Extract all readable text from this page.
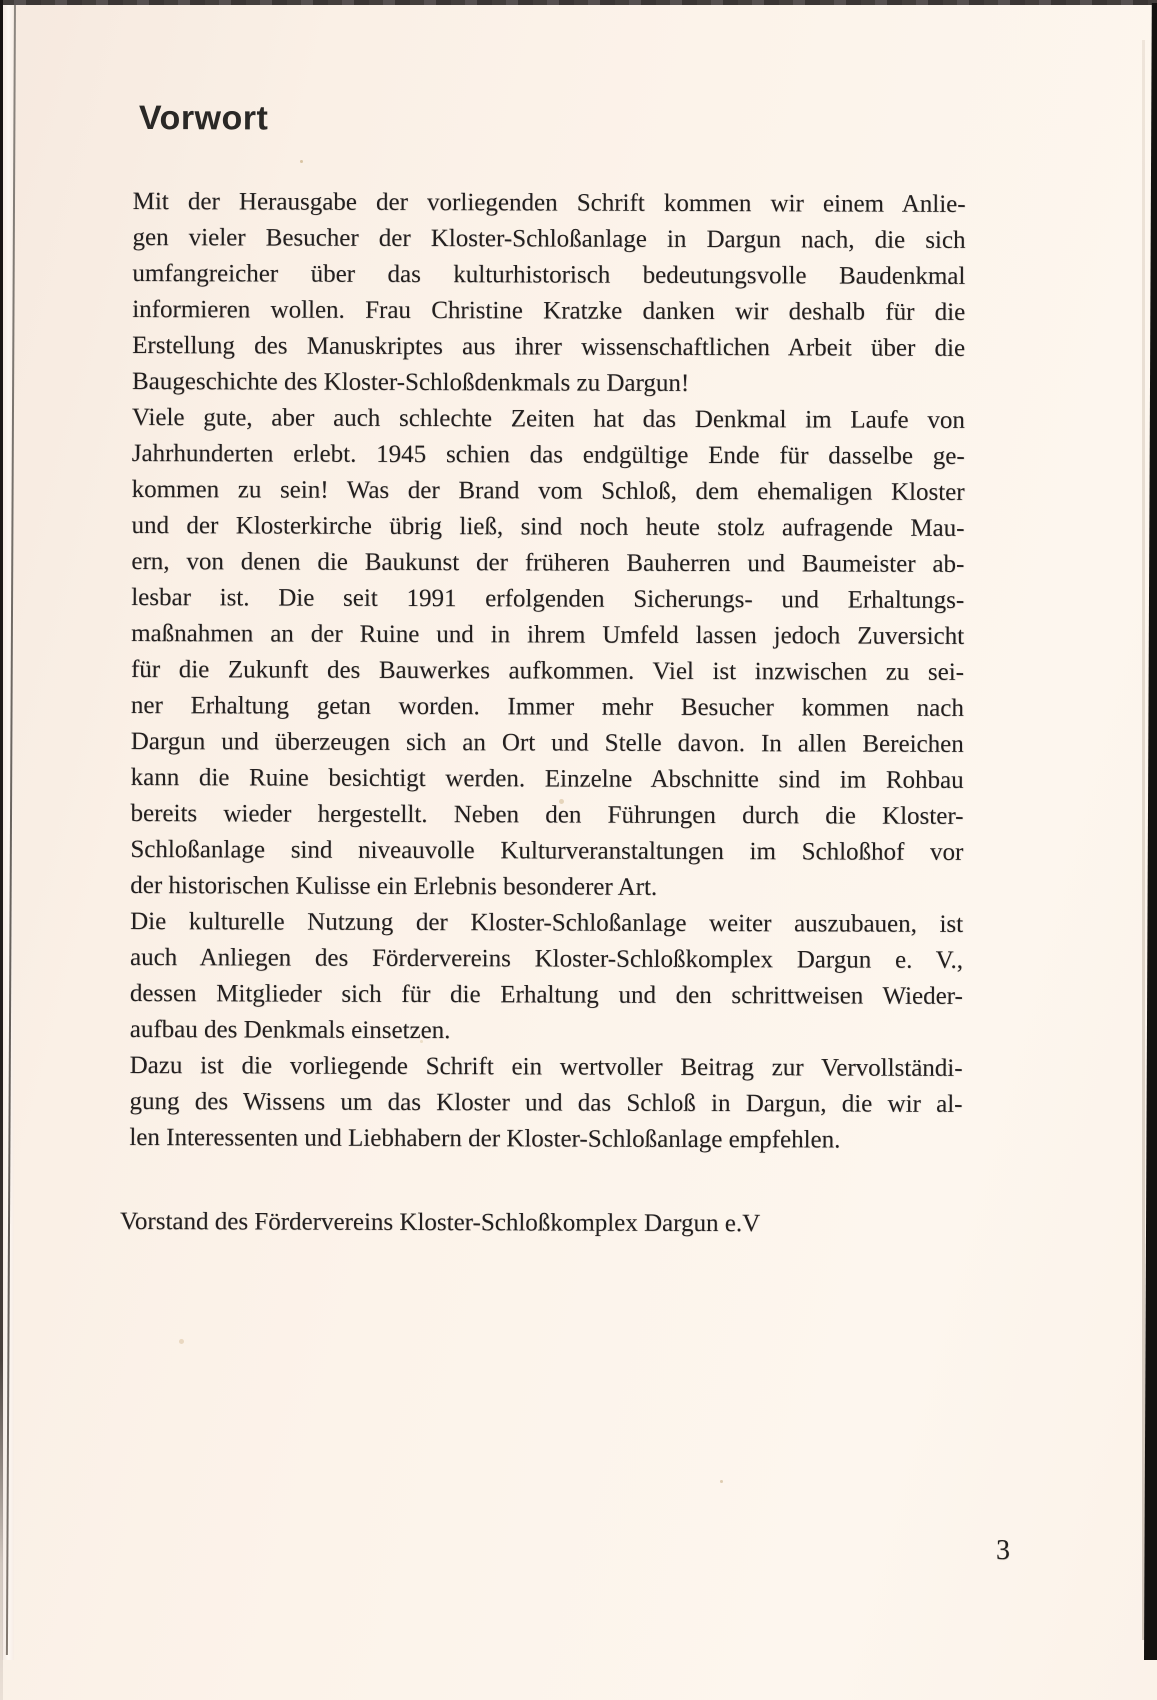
Vorwort
Mit der Herausgabe der vorliegenden Schrift kommen wir einem Anlie-
gen vieler Besucher der Kloster-Schloßanlage in Dargun nach, die sich
umfangreicher über das kulturhistorisch bedeutungsvolle Baudenkmal
informieren wollen. Frau Christine Kratzke danken wir deshalb für die
Erstellung des Manuskriptes aus ihrer wissenschaftlichen Arbeit über die
Baugeschichte des Kloster-Schloßdenkmals zu Dargun!
Viele gute, aber auch schlechte Zeiten hat das Denkmal im Laufe von
Jahrhunderten erlebt. 1945 schien das endgültige Ende für dasselbe ge-
kommen zu sein! Was der Brand vom Schloß, dem ehemaligen Kloster
und der Klosterkirche übrig ließ, sind noch heute stolz aufragende Mau-
ern, von denen die Baukunst der früheren Bauherren und Baumeister ab-
lesbar ist. Die seit 1991 erfolgenden Sicherungs- und Erhaltungs-
maßnahmen an der Ruine und in ihrem Umfeld lassen jedoch Zuversicht
für die Zukunft des Bauwerkes aufkommen. Viel ist inzwischen zu sei-
ner Erhaltung getan worden. Immer mehr Besucher kommen nach
Dargun und überzeugen sich an Ort und Stelle davon. In allen Bereichen
kann die Ruine besichtigt werden. Einzelne Abschnitte sind im Rohbau
bereits wieder hergestellt. Neben den Führungen durch die Kloster-
Schloßanlage sind niveauvolle Kulturveranstaltungen im Schloßhof vor
der historischen Kulisse ein Erlebnis besonderer Art.
Die kulturelle Nutzung der Kloster-Schloßanlage weiter auszubauen, ist
auch Anliegen des Fördervereins Kloster-Schloßkomplex Dargun e. V.,
dessen Mitglieder sich für die Erhaltung und den schrittweisen Wieder-
aufbau des Denkmals einsetzen.
Dazu ist die vorliegende Schrift ein wertvoller Beitrag zur Vervollständi-
gung des Wissens um das Kloster und das Schloß in Dargun, die wir al-
len Interessenten und Liebhabern der Kloster-Schloßanlage empfehlen.
Vorstand des Fördervereins Kloster-Schloßkomplex Dargun e.V
3
